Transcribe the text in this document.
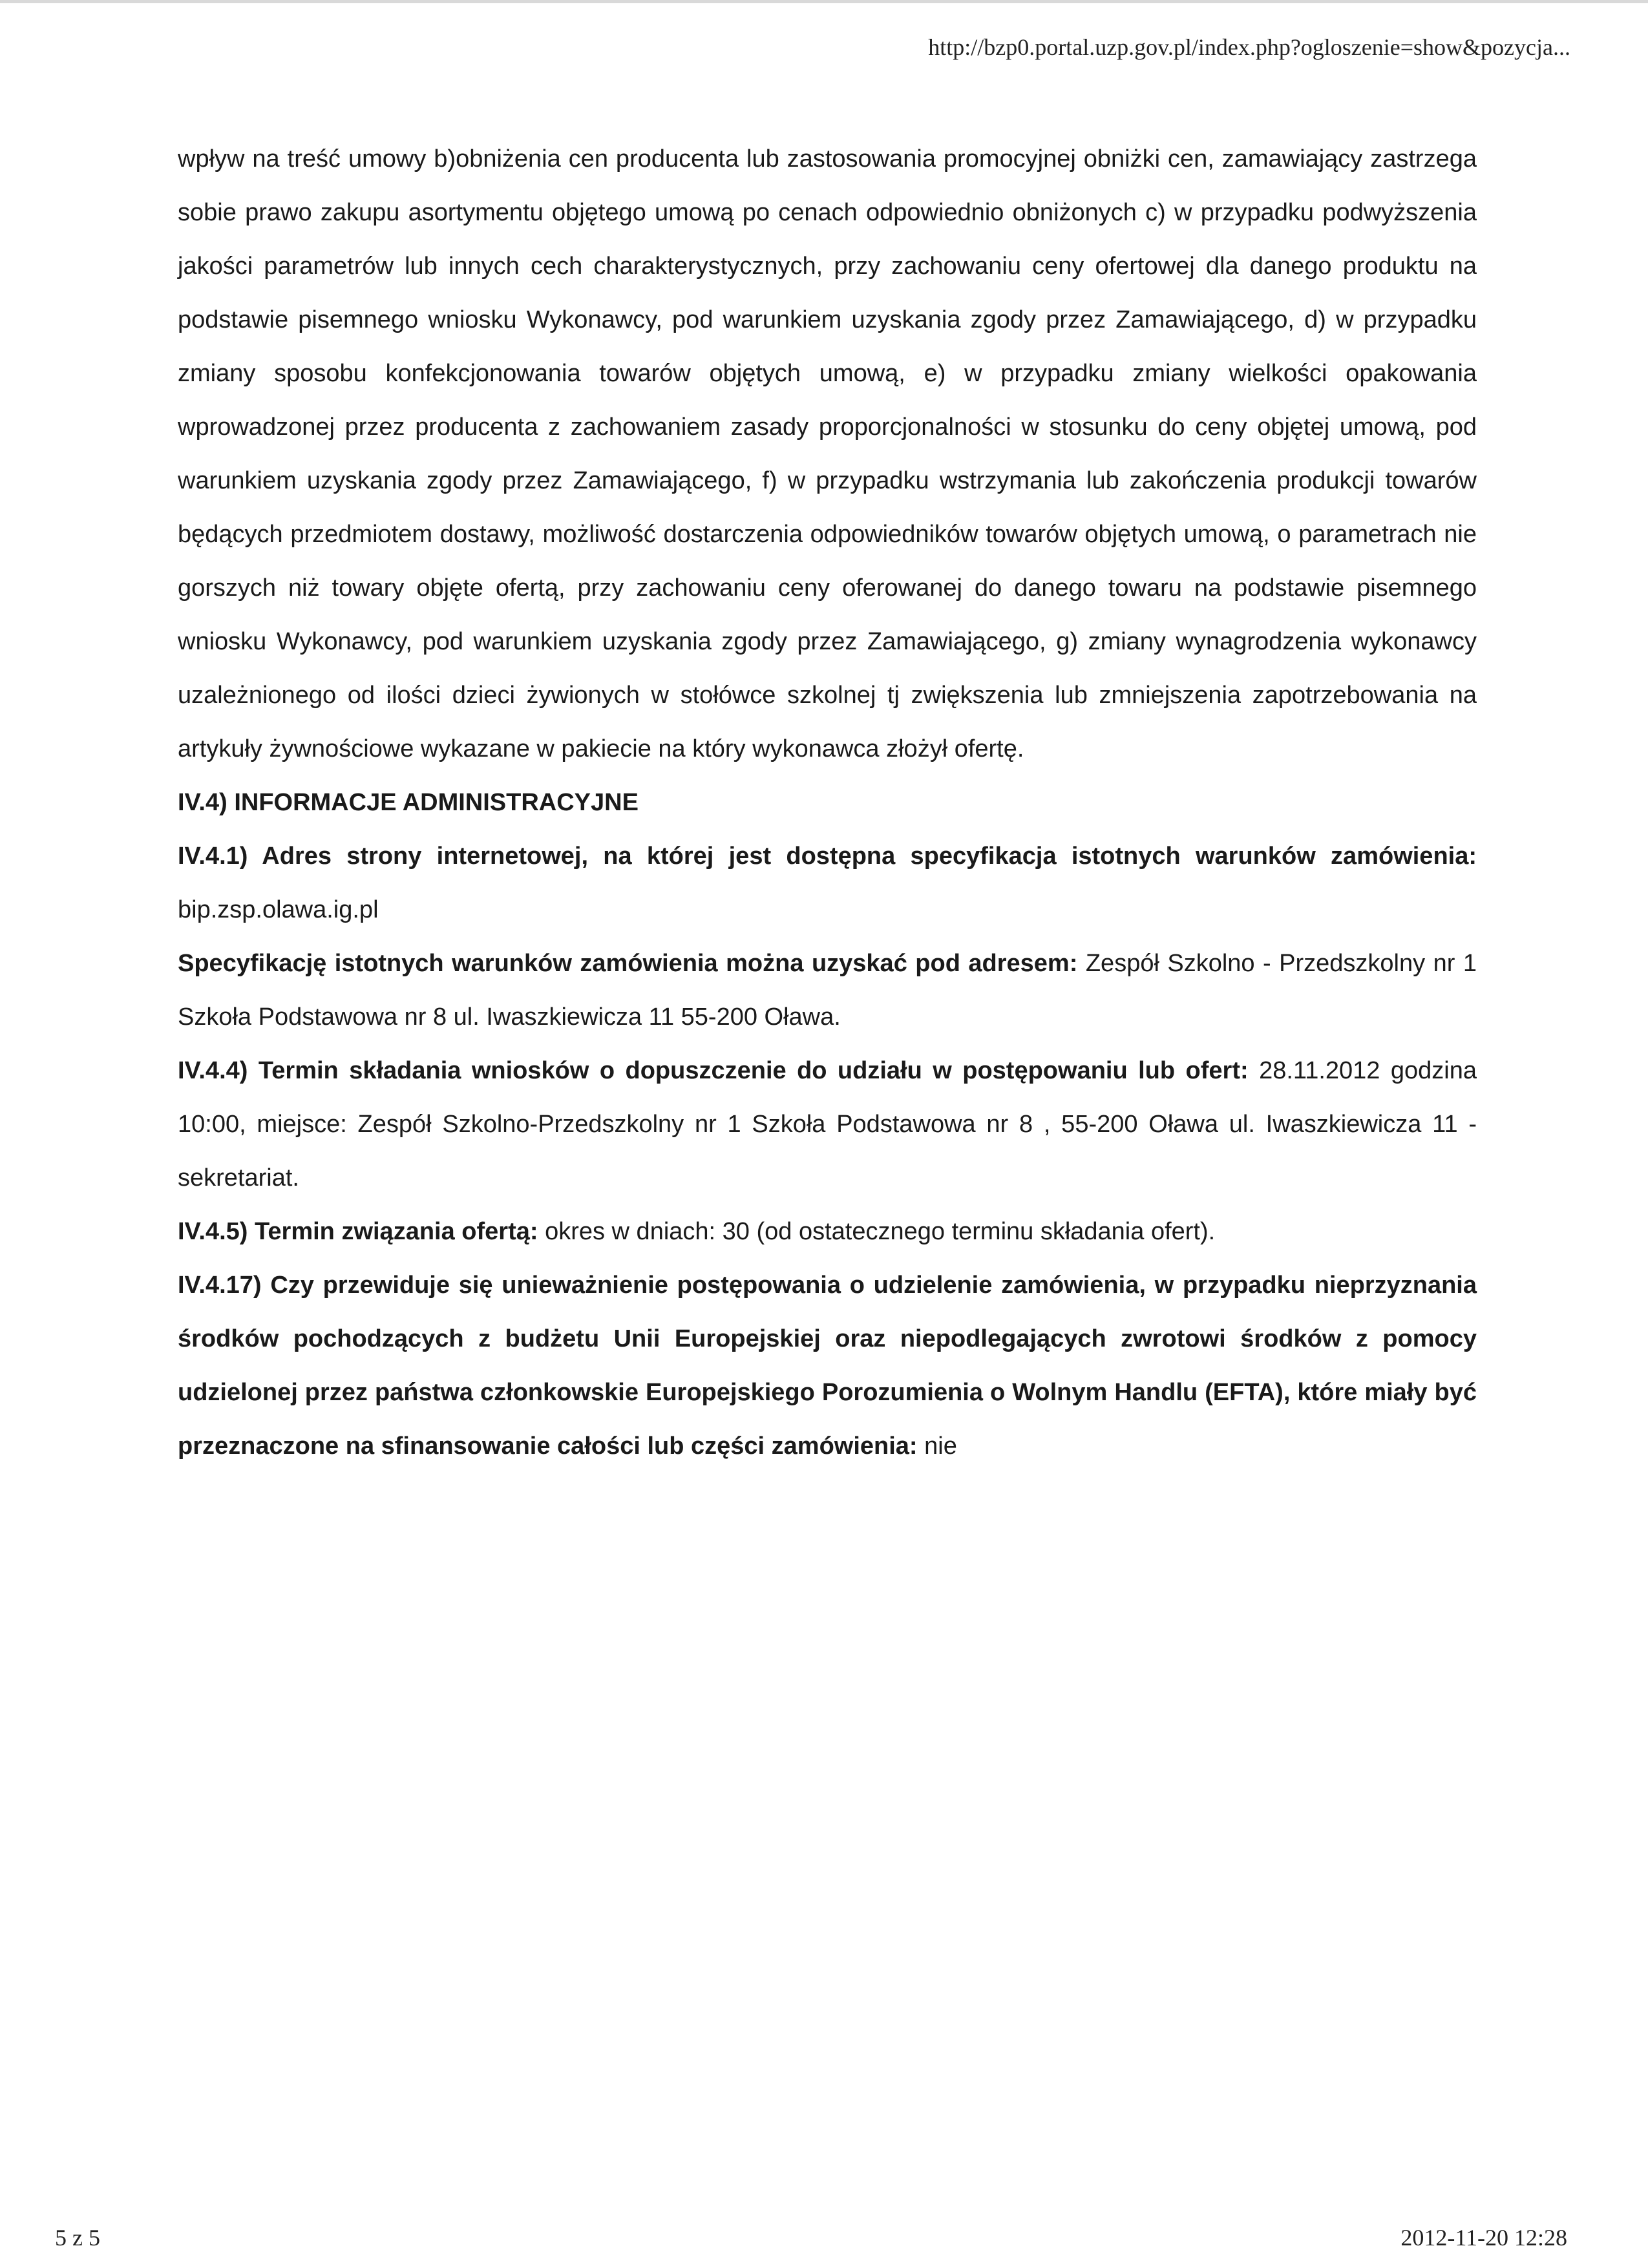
http://bzp0.portal.uzp.gov.pl/index.php?ogloszenie=show&pozycja...

wpływ na treść umowy b)obniżenia cen producenta lub zastosowania promocyjnej obniżki cen, zamawiający zastrzega sobie prawo zakupu asortymentu objętego umową po cenach odpowiednio obniżonych c) w przypadku podwyższenia jakości parametrów lub innych cech charakterystycznych, przy zachowaniu ceny ofertowej dla danego produktu na podstawie pisemnego wniosku Wykonawcy, pod warunkiem uzyskania zgody przez Zamawiającego, d) w przypadku zmiany sposobu konfekcjonowania towarów objętych umową, e) w przypadku zmiany wielkości opakowania wprowadzonej przez producenta z zachowaniem zasady proporcjonalności w stosunku do ceny objętej umową, pod warunkiem uzyskania zgody przez Zamawiającego, f) w przypadku wstrzymania lub zakończenia produkcji towarów będących przedmiotem dostawy, możliwość dostarczenia odpowiedników towarów objętych umową, o parametrach nie gorszych niż towary objęte ofertą, przy zachowaniu ceny oferowanej do danego towaru na podstawie pisemnego wniosku Wykonawcy, pod warunkiem uzyskania zgody przez Zamawiającego, g) zmiany wynagrodzenia wykonawcy uzależnionego od ilości dzieci żywionych w stołówce szkolnej tj zwiększenia lub zmniejszenia zapotrzebowania na artykuły żywnościowe wykazane w pakiecie na który wykonawca złożył ofertę.

IV.4) INFORMACJE ADMINISTRACYJNE

IV.4.1) Adres strony internetowej, na której jest dostępna specyfikacja istotnych warunków zamówienia: bip.zsp.olawa.ig.pl

Specyfikację istotnych warunków zamówienia można uzyskać pod adresem: Zespół Szkolno - Przedszkolny nr 1 Szkoła Podstawowa nr 8 ul. Iwaszkiewicza 11 55-200 Oława.

IV.4.4) Termin składania wniosków o dopuszczenie do udziału w postępowaniu lub ofert: 28.11.2012 godzina 10:00, miejsce: Zespół Szkolno-Przedszkolny nr 1 Szkoła Podstawowa nr 8 , 55-200 Oława ul. Iwaszkiewicza 11 - sekretariat.

IV.4.5) Termin związania ofertą: okres w dniach: 30 (od ostatecznego terminu składania ofert).

IV.4.17) Czy przewiduje się unieważnienie postępowania o udzielenie zamówienia, w przypadku nieprzyznania środków pochodzących z budżetu Unii Europejskiej oraz niepodlegających zwrotowi środków z pomocy udzielonej przez państwa członkowskie Europejskiego Porozumienia o Wolnym Handlu (EFTA), które miały być przeznaczone na sfinansowanie całości lub części zamówienia: nie

5 z 5	2012-11-20 12:28
